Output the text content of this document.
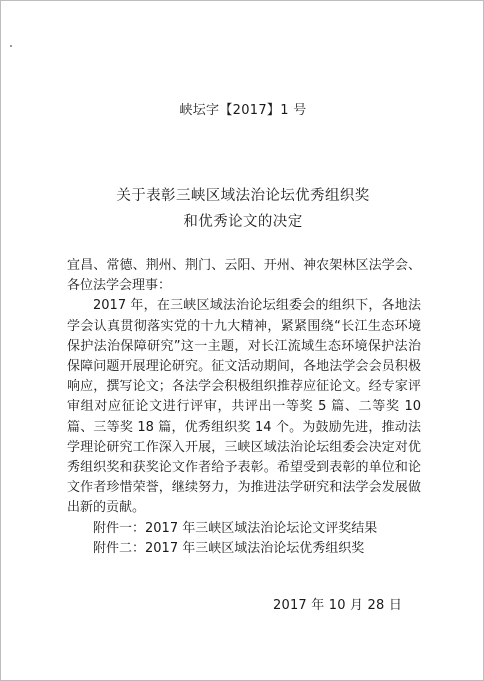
峡坛字【2017】1 号
关于表彰三峡区域法治论坛优秀组织奖
和优秀论文的决定

宜昌、常德、荆州、荆门、云阳、开州、神农架林区法学会、各位法学会理事：

2017 年，在三峡区域法治论坛组委会的组织下，各地法学会认真贯彻落实党的十九大精神，紧紧围绕“长江生态环境保护法治保障研究”这一主题，对长江流域生态环境保护法治保障问题开展理论研究。征文活动期间，各地法学会会员积极响应，撰写论文；各法学会积极组织推荐应征论文。经专家评审组对应征论文进行评审，共评出一等奖 5 篇、二等奖 10 篇、三等奖 18 篇，优秀组织奖 14 个。为鼓励先进，推动法学理论研究工作深入开展，三峡区域法治论坛组委会决定对优秀组织奖和获奖论文作者给予表彰。希望受到表彰的单位和论文作者珍惜荣誉，继续努力，为推进法学研究和法学会发展做出新的贡献。

附件一：2017 年三峡区域法治论坛论文评奖结果

附件二：2017 年三峡区域法治论坛优秀组织奖

2017 年 10 月 28 日
